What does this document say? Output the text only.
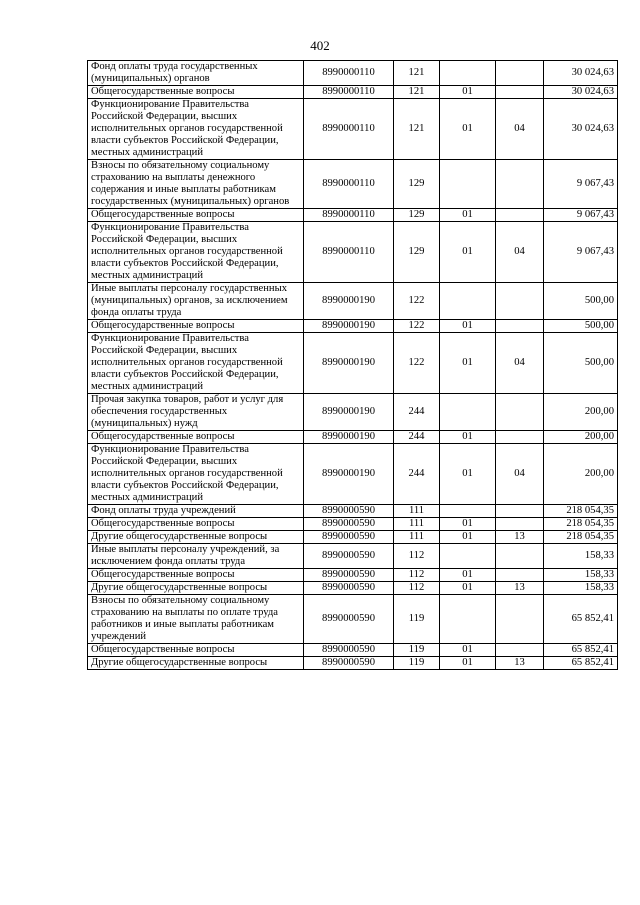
402
Фонд оплаты труда государственных (муниципальных) органов	8990000110	121			30 024,63
Общегосударственные вопросы	8990000110	121	01		30 024,63
Функционирование Правительства Российской Федерации, высших исполнительных органов государственной власти субъектов Российской Федерации, местных администраций	8990000110	121	01	04	30 024,63
Взносы по обязательному социальному страхованию на выплаты денежного содержания и иные выплаты работникам государственных (муниципальных) органов	8990000110	129			9 067,43
Общегосударственные вопросы	8990000110	129	01		9 067,43
Функционирование Правительства Российской Федерации, высших исполнительных органов государственной власти субъектов Российской Федерации, местных администраций	8990000110	129	01	04	9 067,43
Иные выплаты персоналу государственных (муниципальных) органов, за исключением фонда оплаты труда	8990000190	122			500,00
Общегосударственные вопросы	8990000190	122	01		500,00
Функционирование Правительства Российской Федерации, высших исполнительных органов государственной власти субъектов Российской Федерации, местных администраций	8990000190	122	01	04	500,00
Прочая закупка товаров, работ и услуг для обеспечения государственных (муниципальных) нужд	8990000190	244			200,00
Общегосударственные вопросы	8990000190	244	01		200,00
Функционирование Правительства Российской Федерации, высших исполнительных органов государственной власти субъектов Российской Федерации, местных администраций	8990000190	244	01	04	200,00
Фонд оплаты труда учреждений	8990000590	111			218 054,35
Общегосударственные вопросы	8990000590	111	01		218 054,35
Другие общегосударственные вопросы	8990000590	111	01	13	218 054,35
Иные выплаты персоналу учреждений, за исключением фонда оплаты труда	8990000590	112			158,33
Общегосударственные вопросы	8990000590	112	01		158,33
Другие общегосударственные вопросы	8990000590	112	01	13	158,33
Взносы по обязательному социальному страхованию на выплаты по оплате труда работников и иные выплаты работникам учреждений	8990000590	119			65 852,41
Общегосударственные вопросы	8990000590	119	01		65 852,41
Другие общегосударственные вопросы	8990000590	119	01	13	65 852,41
